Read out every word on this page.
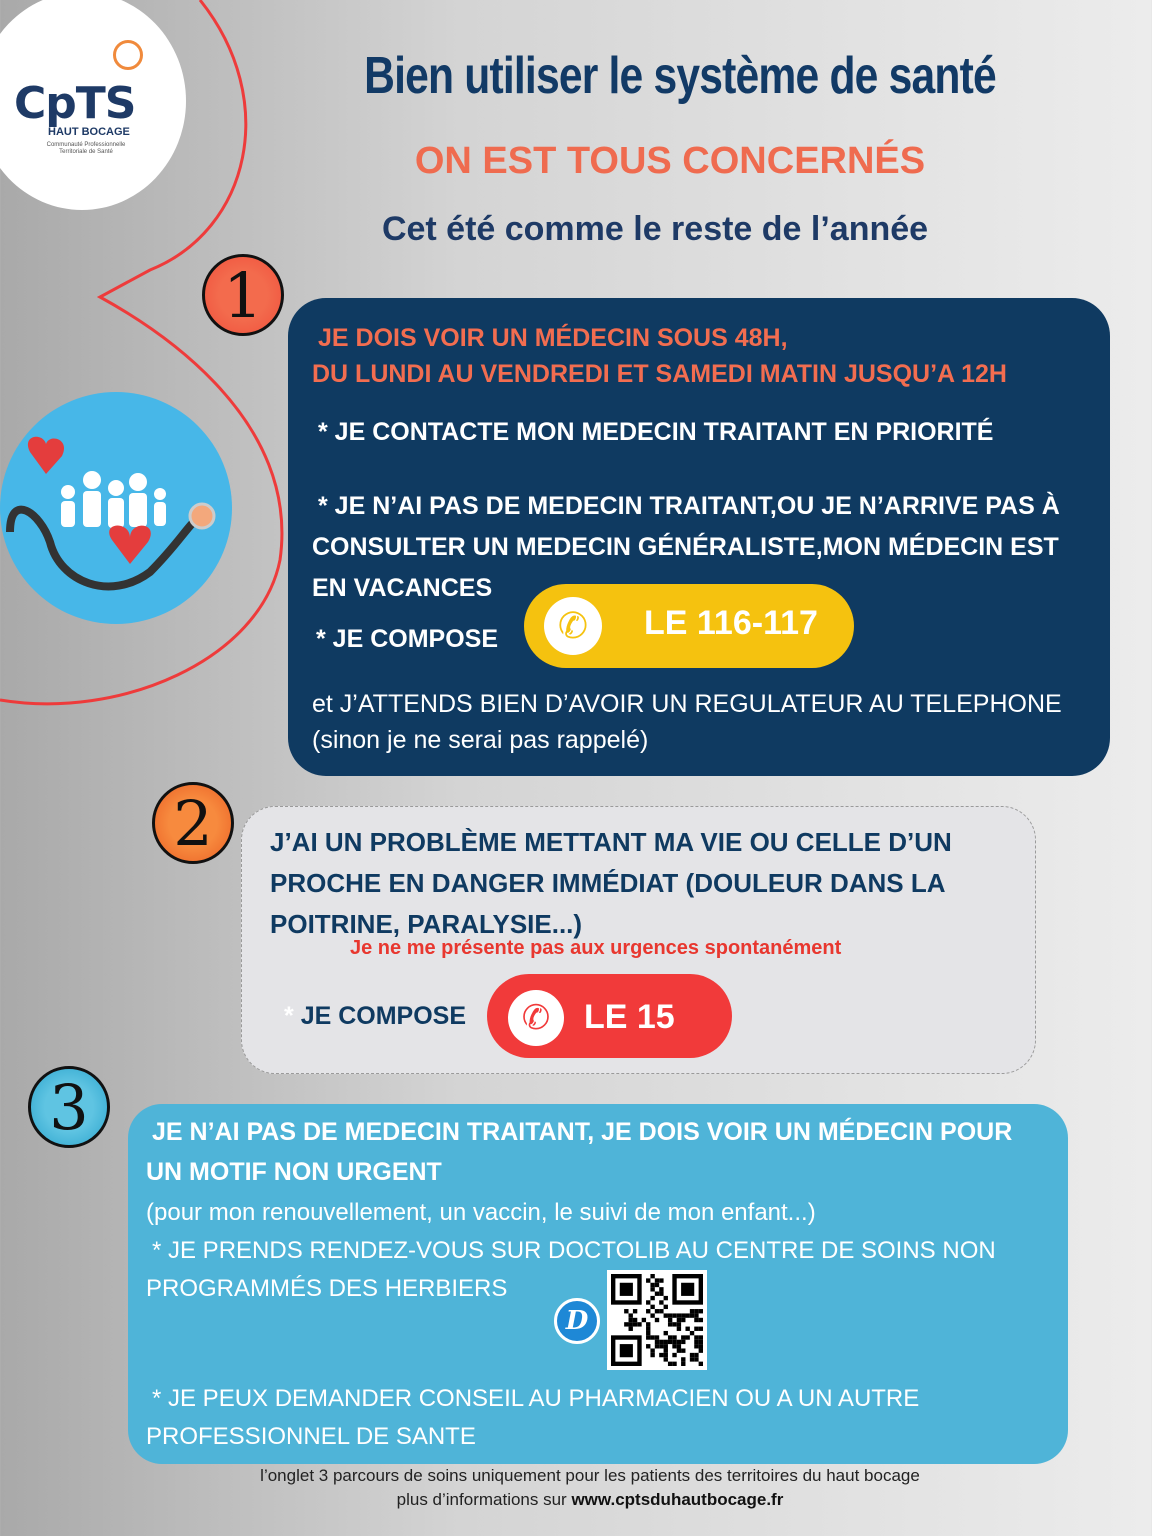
CpTS
HAUT BOCAGE
Communauté Professionnelle Territoriale de Santé
Bien utiliser le système de santé
ON EST TOUS CONCERNÉS
Cet été comme le reste de l’année
1
2
3
JE DOIS VOIR UN MÉDECIN SOUS 48H,
DU LUNDI AU VENDREDI ET SAMEDI MATIN JUSQU’A 12H
* JE CONTACTE MON MEDECIN TRAITANT EN PRIORITÉ
* JE N’AI PAS DE MEDECIN TRAITANT,OU JE N’ARRIVE PAS À
CONSULTER UN MEDECIN GÉNÉRALISTE,MON MÉDECIN EST
EN VACANCES
* JE COMPOSE	✆	LE 116-117
et J’ATTENDS BIEN D’AVOIR UN REGULATEUR AU TELEPHONE
(sinon je ne serai pas rappelé)
J’AI UN PROBLÈME METTANT MA VIE OU CELLE D’UN
PROCHE EN DANGER IMMÉDIAT (DOULEUR DANS LA
POITRINE, PARALYSIE...)
Je ne me présente pas aux urgences spontanément
* JE COMPOSE	✆ LE 15
JE N’AI PAS DE MEDECIN TRAITANT, JE DOIS VOIR UN MÉDECIN POUR
UN MOTIF NON URGENT
(pour mon renouvellement, un vaccin, le suivi de mon enfant...)
* JE PRENDS RENDEZ-VOUS SUR DOCTOLIB AU CENTRE DE SOINS NON
PROGRAMMÉS DES HERBIERS
D
* JE PEUX DEMANDER CONSEIL AU PHARMACIEN OU A UN AUTRE
PROFESSIONNEL DE SANTE
l’onglet 3 parcours de soins uniquement pour les patients des territoires du haut bocage
plus d’informations sur www.cptsduhautbocage.fr
